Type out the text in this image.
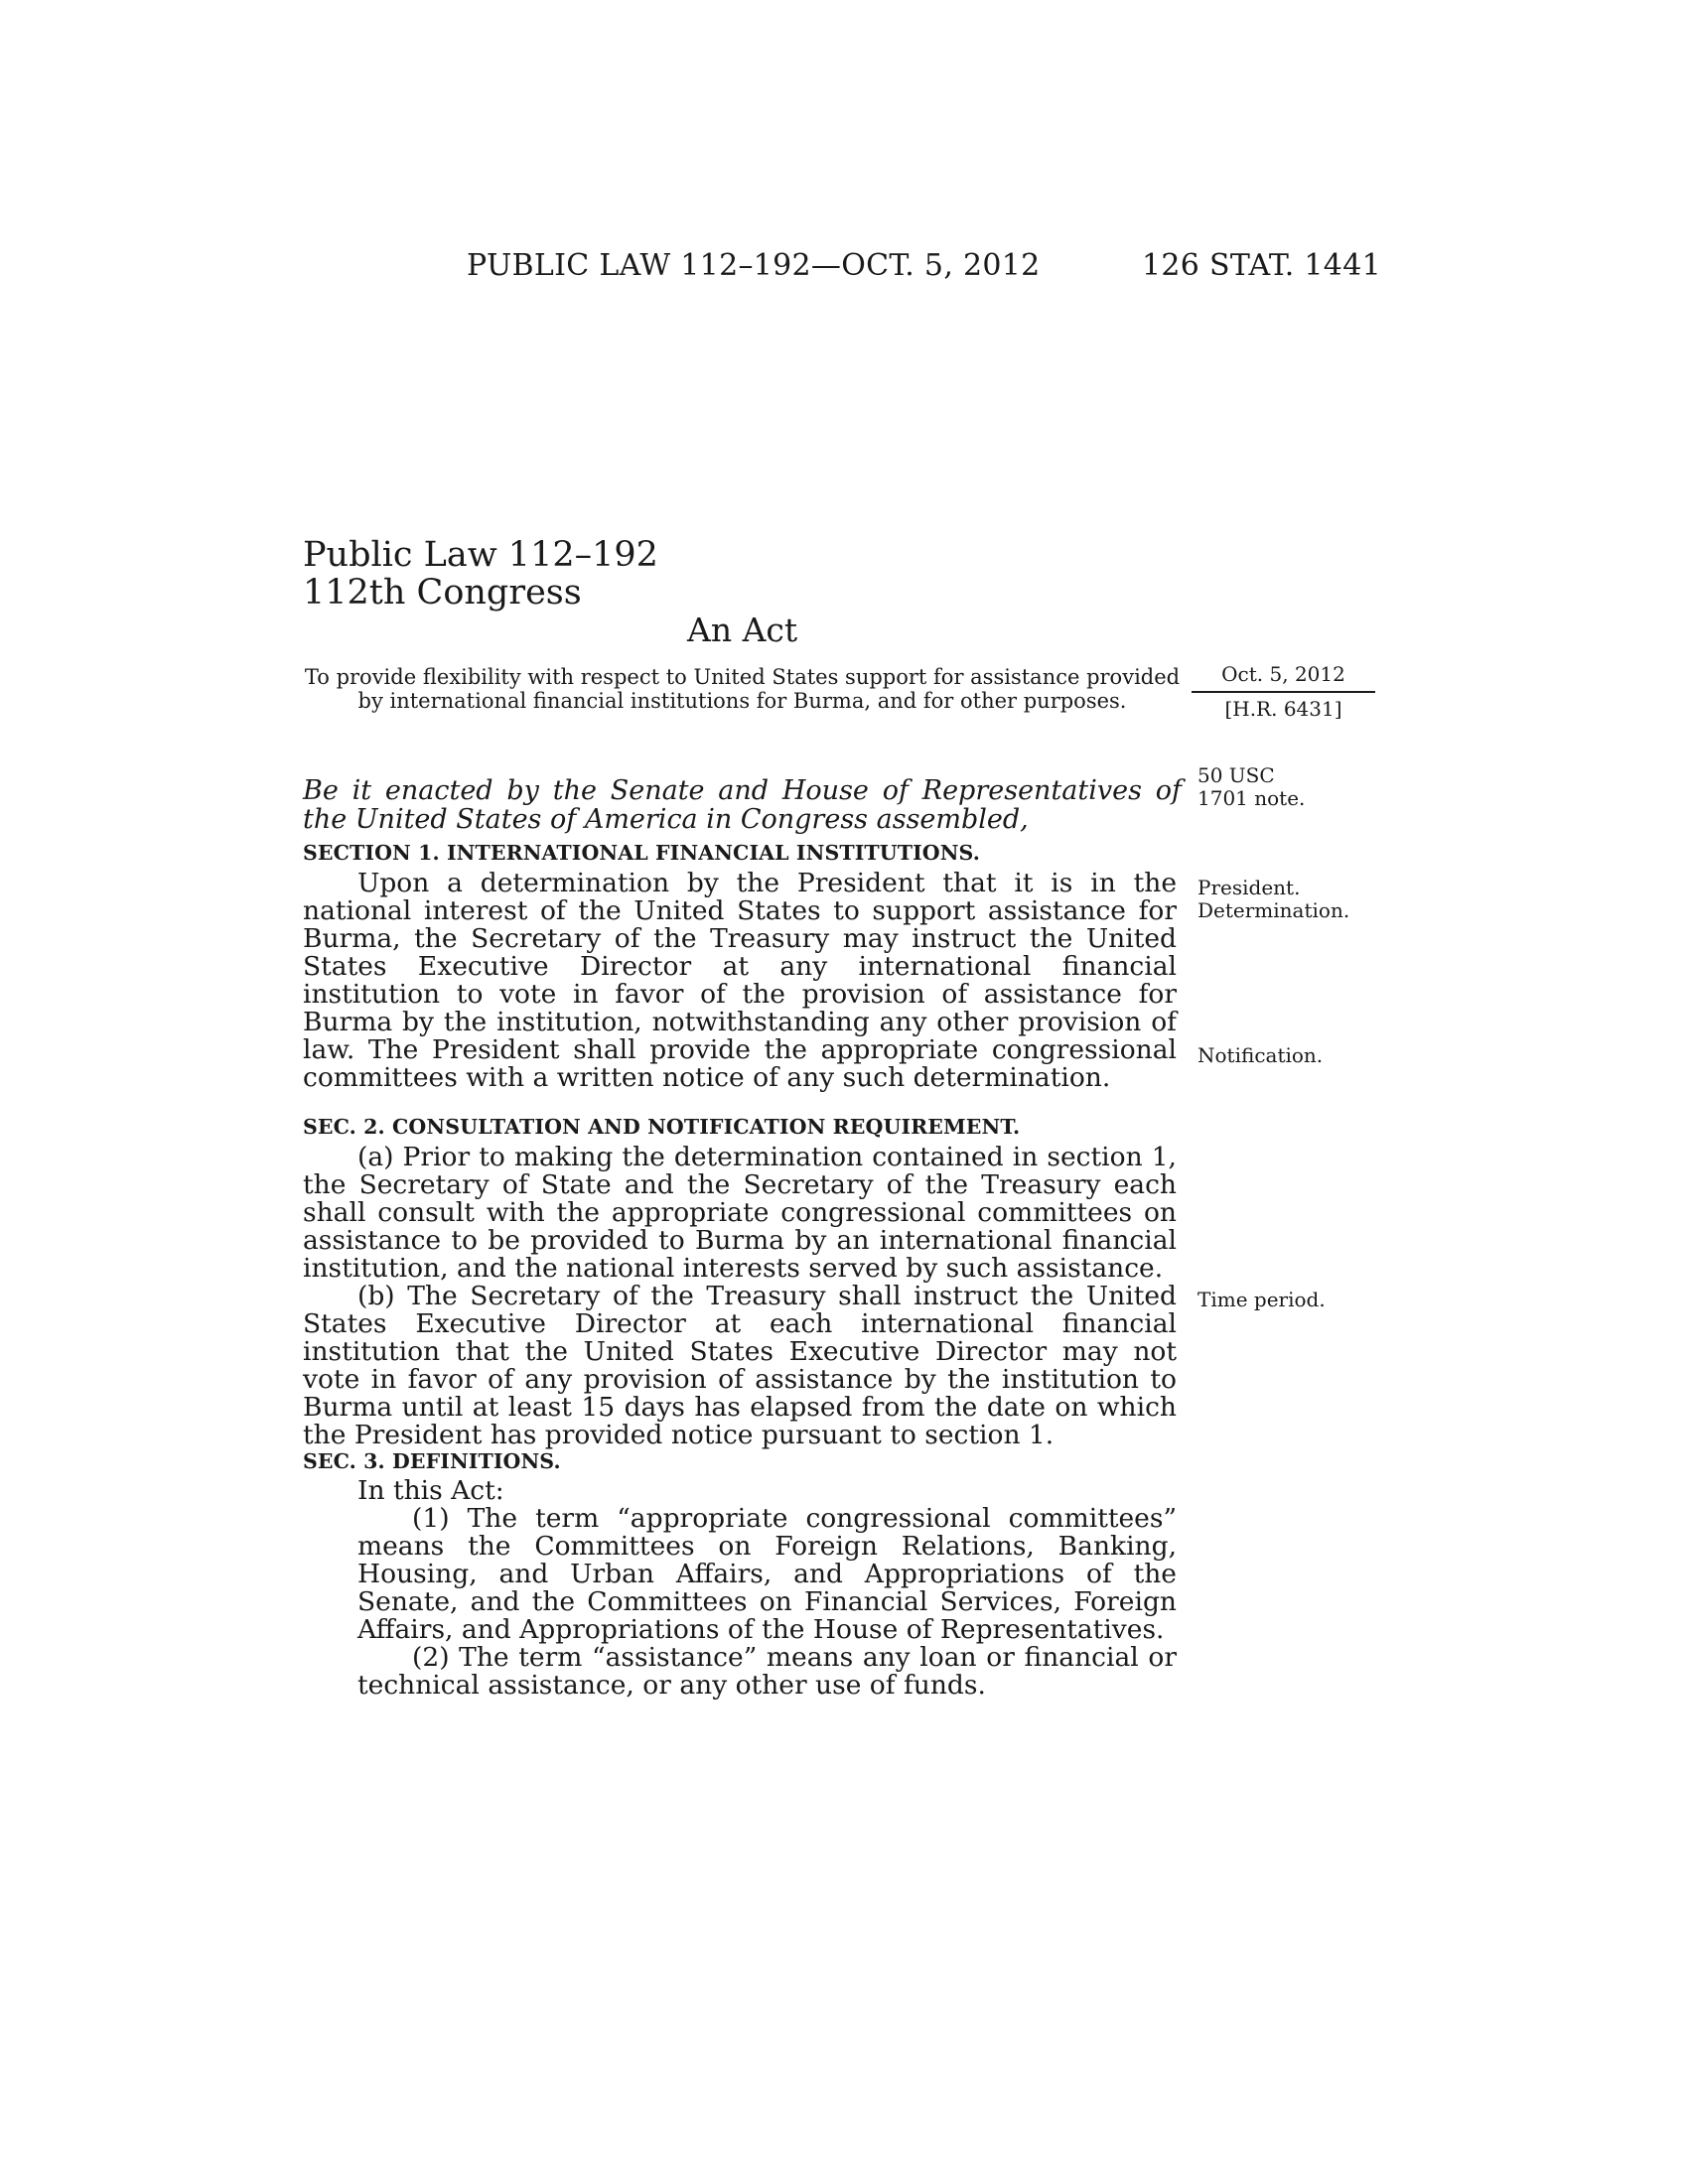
PUBLIC LAW 112–192—OCT. 5, 2012	126 STAT. 1441
Public Law 112–192
112th Congress
An Act
To provide flexibility with respect to United States support for assistance provided by international financial institutions for Burma, and for other purposes.
Oct. 5, 2012
[H.R. 6431]
Be it enacted by the Senate and House of Representatives of the United States of America in Congress assembled,
50 USC 1701 note.
SECTION 1. INTERNATIONAL FINANCIAL INSTITUTIONS.
Upon a determination by the President that it is in the national interest of the United States to support assistance for Burma, the Secretary of the Treasury may instruct the United States Executive Director at any international financial institution to vote in favor of the provision of assistance for Burma by the institution, notwithstanding any other provision of law. The President shall provide the appropriate congressional committees with a written notice of any such determination.
President.
Determination.
Notification.
SEC. 2. CONSULTATION AND NOTIFICATION REQUIREMENT.
(a) Prior to making the determination contained in section 1, the Secretary of State and the Secretary of the Treasury each shall consult with the appropriate congressional committees on assistance to be provided to Burma by an international financial institution, and the national interests served by such assistance.
(b) The Secretary of the Treasury shall instruct the United States Executive Director at each international financial institution that the United States Executive Director may not vote in favor of any provision of assistance by the institution to Burma until at least 15 days has elapsed from the date on which the President has provided notice pursuant to section 1.
Time period.
SEC. 3. DEFINITIONS.
In this Act:
(1) The term “appropriate congressional committees” means the Committees on Foreign Relations, Banking, Housing, and Urban Affairs, and Appropriations of the Senate, and the Committees on Financial Services, Foreign Affairs, and Appropriations of the House of Representatives.
(2) The term “assistance” means any loan or financial or technical assistance, or any other use of funds.
